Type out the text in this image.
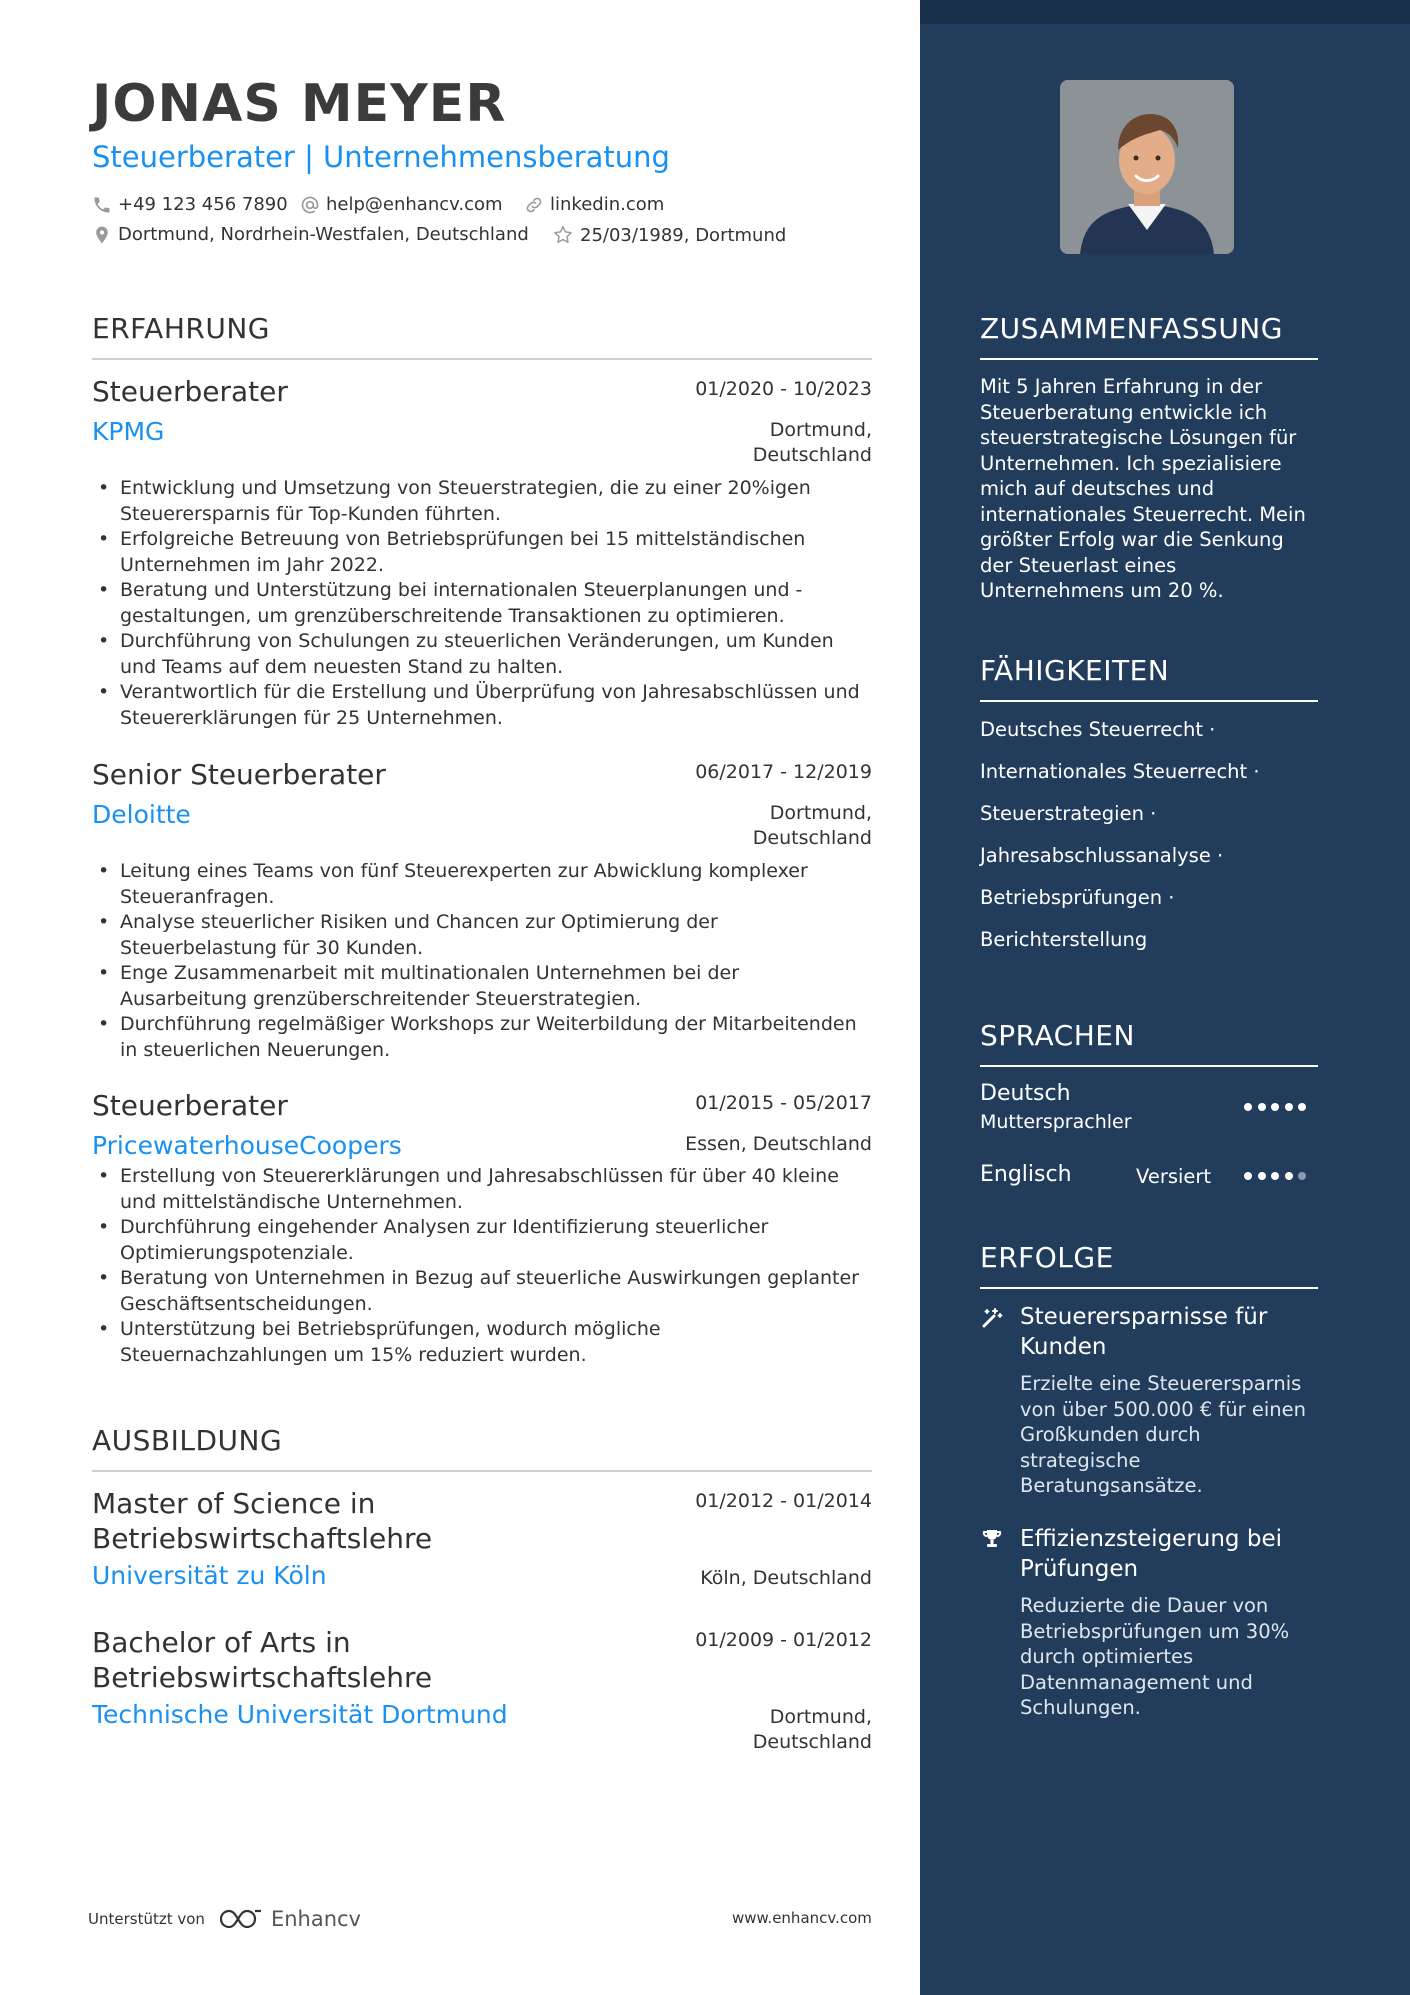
JONAS MEYER
Steuerberater | Unternehmensberatung
+49 123 456 7890 help@enhancv.com	linkedin.com
Dortmund, Nordrhein-Westfalen, Deutschland	25/03/1989, Dortmund
ERFAHRUNG
Steuerberater	01/2020 - 10/2023
KPMG	Dortmund,
Deutschland
• Entwicklung und Umsetzung von Steuerstrategien, die zu einer 20%igen Steuerersparnis für Top-Kunden führten.
• Erfolgreiche Betreuung von Betriebsprüfungen bei 15 mittelständischen Unternehmen im Jahr 2022.
• Beratung und Unterstützung bei internationalen Steuerplanungen und -gestaltungen, um grenzüberschreitende Transaktionen zu optimieren.
• Durchführung von Schulungen zu steuerlichen Veränderungen, um Kunden und Teams auf dem neuesten Stand zu halten.
• Verantwortlich für die Erstellung und Überprüfung von Jahresabschlüssen und Steuererklärungen für 25 Unternehmen.
Senior Steuerberater	06/2017 - 12/2019
Deloitte	Dortmund,
Deutschland
• Leitung eines Teams von fünf Steuerexperten zur Abwicklung komplexer Steueranfragen.
• Analyse steuerlicher Risiken und Chancen zur Optimierung der Steuerbelastung für 30 Kunden.
• Enge Zusammenarbeit mit multinationalen Unternehmen bei der Ausarbeitung grenzüberschreitender Steuerstrategien.
• Durchführung regelmäßiger Workshops zur Weiterbildung der Mitarbeitenden in steuerlichen Neuerungen.
Steuerberater	01/2015 - 05/2017
PricewaterhouseCoopers	Essen, Deutschland
• Erstellung von Steuererklärungen und Jahresabschlüssen für über 40 kleine und mittelständische Unternehmen.
• Durchführung eingehender Analysen zur Identifizierung steuerlicher Optimierungspotenziale.
• Beratung von Unternehmen in Bezug auf steuerliche Auswirkungen geplanter Geschäftsentscheidungen.
• Unterstützung bei Betriebsprüfungen, wodurch mögliche Steuernachzahlungen um 15% reduziert wurden.
AUSBILDUNG
Master of Science in
Betriebswirtschaftslehre
01/2012 - 01/2014
Universität zu Köln	Köln, Deutschland
Bachelor of Arts in
Betriebswirtschaftslehre
01/2009 - 01/2012
Technische Universität Dortmund	Dortmund,
Deutschland
Unterstützt von	Enhancv	www.enhancv.com
ZUSAMMENFASSUNG
Mit 5 Jahren Erfahrung in der Steuerberatung entwickle ich steuerstrategische Lösungen für Unternehmen. Ich spezialisiere mich auf deutsches und internationales Steuerrecht. Mein größter Erfolg war die Senkung der Steuerlast eines Unternehmens um 20 %.
FÄHIGKEITEN
Deutsches Steuerrecht ·
Internationales Steuerrecht ·
Steuerstrategien ·
Jahresabschlussanalyse ·
Betriebsprüfungen ·
Berichterstellung
SPRACHEN
Deutsch
Muttersprachler
Englisch	Versiert
ERFOLGE
Steuerersparnisse für Kunden
Erzielte eine Steuerersparnis von über 500.000 € für einen Großkunden durch strategische Beratungsansätze.
Effizienzsteigerung bei Prüfungen
Reduzierte die Dauer von Betriebsprüfungen um 30% durch optimiertes Datenmanagement und Schulungen.
